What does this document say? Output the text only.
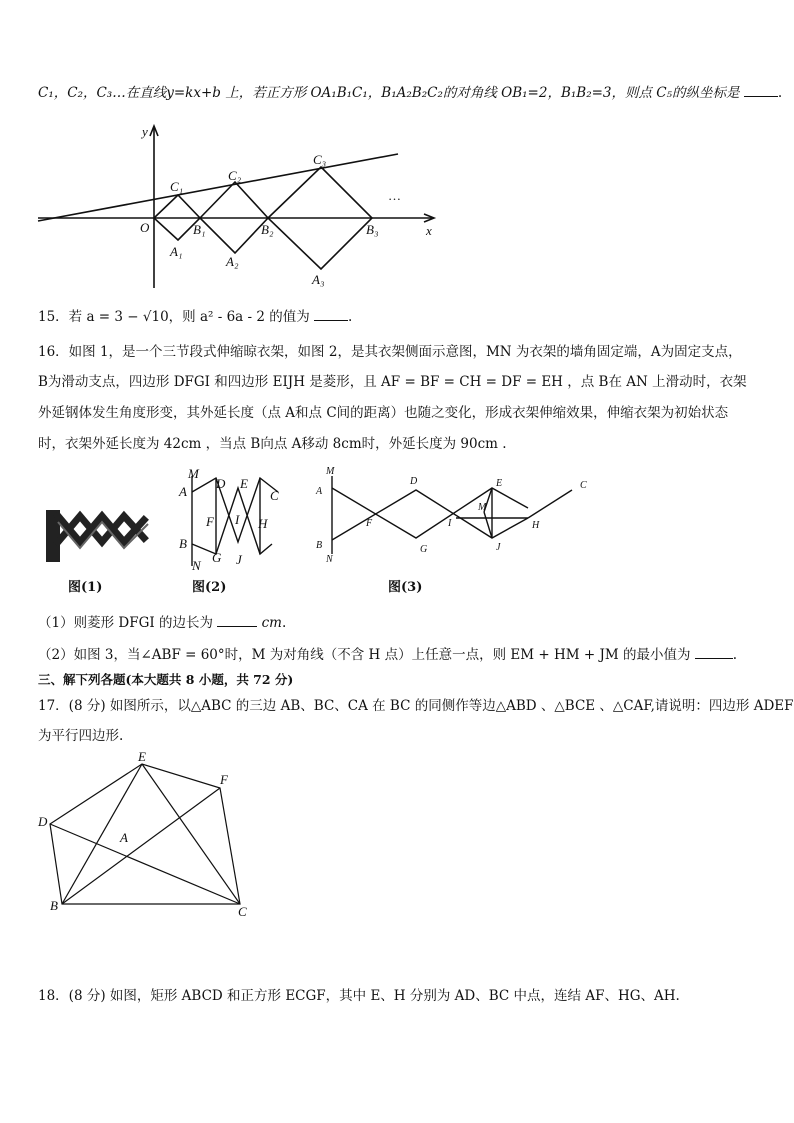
C₁，C₂，C₃…在直线y=kx+b 上，若正方形 OA₁B₁C₁，B₁A₂B₂C₂的对角线 OB₁=2，B₁B₂=3，则点 C₅的纵坐标是	.
y
x
O
C₁
C₂
C₃
B₁	B₂	B₃
A₁
A₂
A₃
…
15．若 a = 3 − √10，则 a² - 6a - 2 的值为	.
16．如图 1，是一个三节段式伸缩晾衣架，如图 2，是其衣架侧面示意图，MN 为衣架的墙角固定端，A为固定支点，
B为滑动支点，四边形 DFGI 和四边形 EIJH 是菱形，且 AF = BF = CH = DF = EH ，点 B在 AN 上滑动时，衣架
外延钢体发生角度形变，其外延长度（点 A和点 C间的距离）也随之变化，形成衣架伸缩效果，伸缩衣架为初始状态
时，衣架外延长度为 42cm ，当点 B向点 A移动 8cm时，外延长度为 90cm .
M
A
B
N
D E
C
F I H
G J
M
A
B
N
D	E	C
F	I	H
G	J
M
图(1)	图(2)	图(3)
（1）则菱形 DFGI 的边长为	cm.
（2）如图 3，当∠ABF = 60°时，M 为对角线（不含 H 点）上任意一点，则 EM + HM + JM 的最小值为	.
三、解下列各题(本大题共 8 小题，共 72 分)
17．(8 分) 如图所示，以△ABC 的三边 AB、BC、CA 在 BC 的同侧作等边△ABD 、△BCE 、△CAF,请说明：四边形 ADEF
为平行四边形.
E
F
D
A
B	C
18．(8 分) 如图，矩形 ABCD 和正方形 ECGF，其中 E、H 分别为 AD、BC 中点，连结 AF、HG、AH.
